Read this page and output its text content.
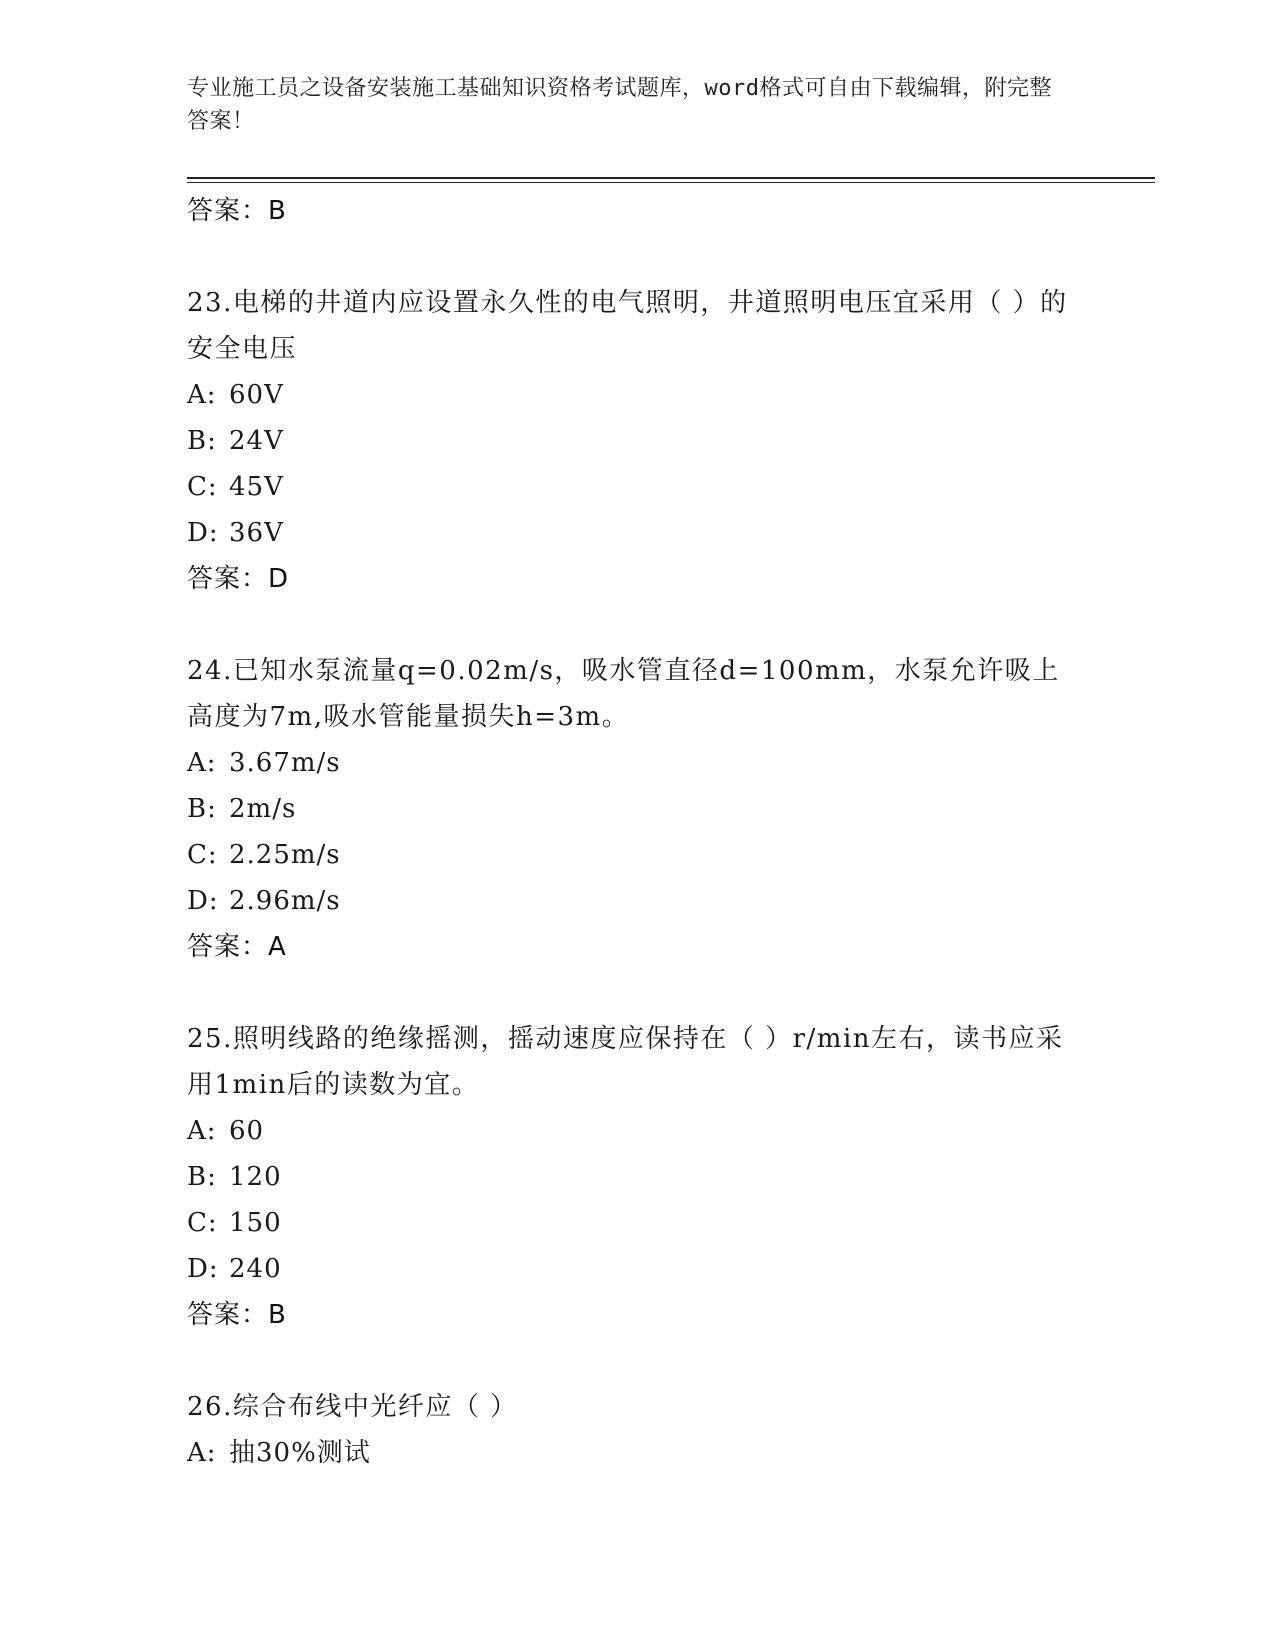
专业施工员之设备安装施工基础知识资格考试题库，word格式可自由下载编辑，附完整答案！
答案：B
23.电梯的井道内应设置永久性的电气照明，井道照明电压宜采用（ ）的安全电压
A: 60V
B: 24V
C: 45V
D: 36V
答案：D
24.已知水泵流量q=0.02m/s，吸水管直径d=100mm，水泵允许吸上高度为7m,吸水管能量损失h=3m。
A: 3.67m/s
B: 2m/s
C: 2.25m/s
D: 2.96m/s
答案：A
25.照明线路的绝缘摇测，摇动速度应保持在（ ）r/min左右，读书应采用1min后的读数为宜。
A: 60
B: 120
C: 150
D: 240
答案：B
26.综合布线中光纤应（ ）
A: 抽30%测试
